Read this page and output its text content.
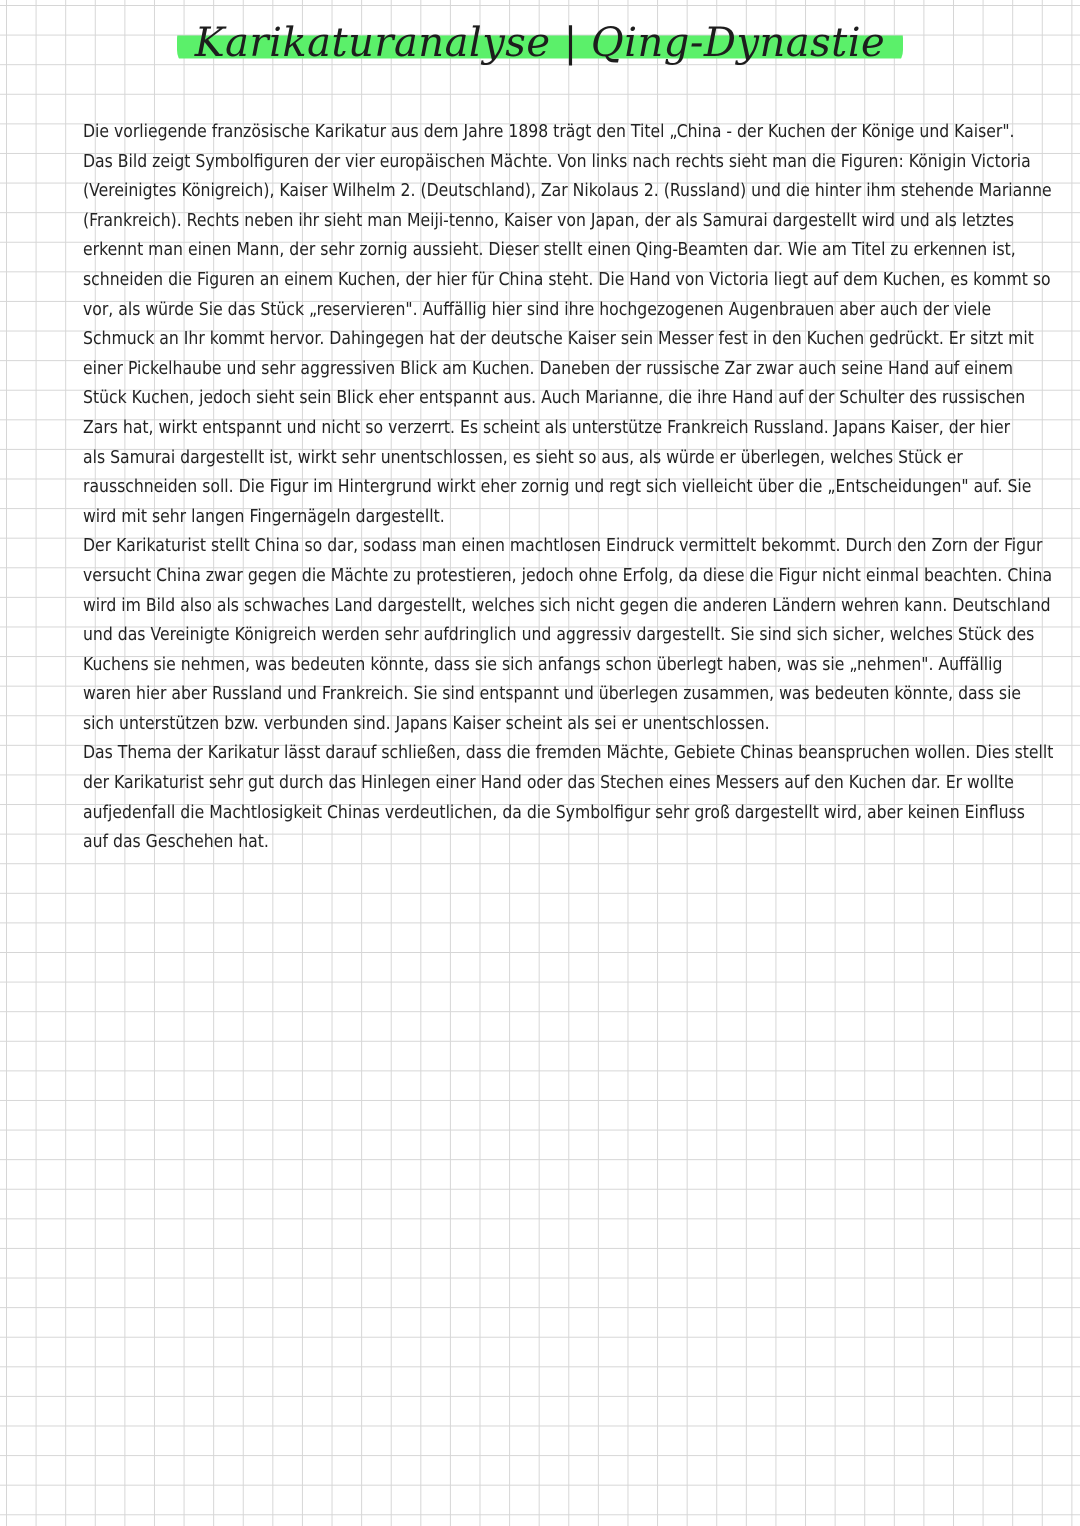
Karikaturanalyse | Qing-Dynastie
Die vorliegende französische Karikatur aus dem Jahre 1898 trägt den Titel „China - der Kuchen der Könige und Kaiser".
Das Bild zeigt Symbolfiguren der vier europäischen Mächte. Von links nach rechts sieht man die Figuren: Königin Victoria
(Vereinigtes Königreich), Kaiser Wilhelm 2. (Deutschland), Zar Nikolaus 2. (Russland) und die hinter ihm stehende Marianne
(Frankreich). Rechts neben ihr sieht man Meiji-tenno, Kaiser von Japan, der als Samurai dargestellt wird und als letztes
erkennt man einen Mann, der sehr zornig aussieht. Dieser stellt einen Qing-Beamten dar. Wie am Titel zu erkennen ist,
schneiden die Figuren an einem Kuchen, der hier für China steht. Die Hand von Victoria liegt auf dem Kuchen, es kommt so
vor, als würde Sie das Stück „reservieren". Auffällig hier sind ihre hochgezogenen Augenbrauen aber auch der viele
Schmuck an Ihr kommt hervor. Dahingegen hat der deutsche Kaiser sein Messer fest in den Kuchen gedrückt. Er sitzt mit
einer Pickelhaube und sehr aggressiven Blick am Kuchen. Daneben der russische Zar zwar auch seine Hand auf einem
Stück Kuchen, jedoch sieht sein Blick eher entspannt aus. Auch Marianne, die ihre Hand auf der Schulter des russischen
Zars hat, wirkt entspannt und nicht so verzerrt. Es scheint als unterstütze Frankreich Russland. Japans Kaiser, der hier
als Samurai dargestellt ist, wirkt sehr unentschlossen, es sieht so aus, als würde er überlegen, welches Stück er
rausschneiden soll. Die Figur im Hintergrund wirkt eher zornig und regt sich vielleicht über die „Entscheidungen" auf. Sie
wird mit sehr langen Fingernägeln dargestellt.
Der Karikaturist stellt China so dar, sodass man einen machtlosen Eindruck vermittelt bekommt. Durch den Zorn der Figur
versucht China zwar gegen die Mächte zu protestieren, jedoch ohne Erfolg, da diese die Figur nicht einmal beachten. China
wird im Bild also als schwaches Land dargestellt, welches sich nicht gegen die anderen Ländern wehren kann. Deutschland
und das Vereinigte Königreich werden sehr aufdringlich und aggressiv dargestellt. Sie sind sich sicher, welches Stück des
Kuchens sie nehmen, was bedeuten könnte, dass sie sich anfangs schon überlegt haben, was sie „nehmen". Auffällig
waren hier aber Russland und Frankreich. Sie sind entspannt und überlegen zusammen, was bedeuten könnte, dass sie
sich unterstützen bzw. verbunden sind. Japans Kaiser scheint als sei er unentschlossen.
Das Thema der Karikatur lässt darauf schließen, dass die fremden Mächte, Gebiete Chinas beanspruchen wollen. Dies stellt
der Karikaturist sehr gut durch das Hinlegen einer Hand oder das Stechen eines Messers auf den Kuchen dar. Er wollte
aufjedenfall die Machtlosigkeit Chinas verdeutlichen, da die Symbolfigur sehr groß dargestellt wird, aber keinen Einfluss
auf das Geschehen hat.
